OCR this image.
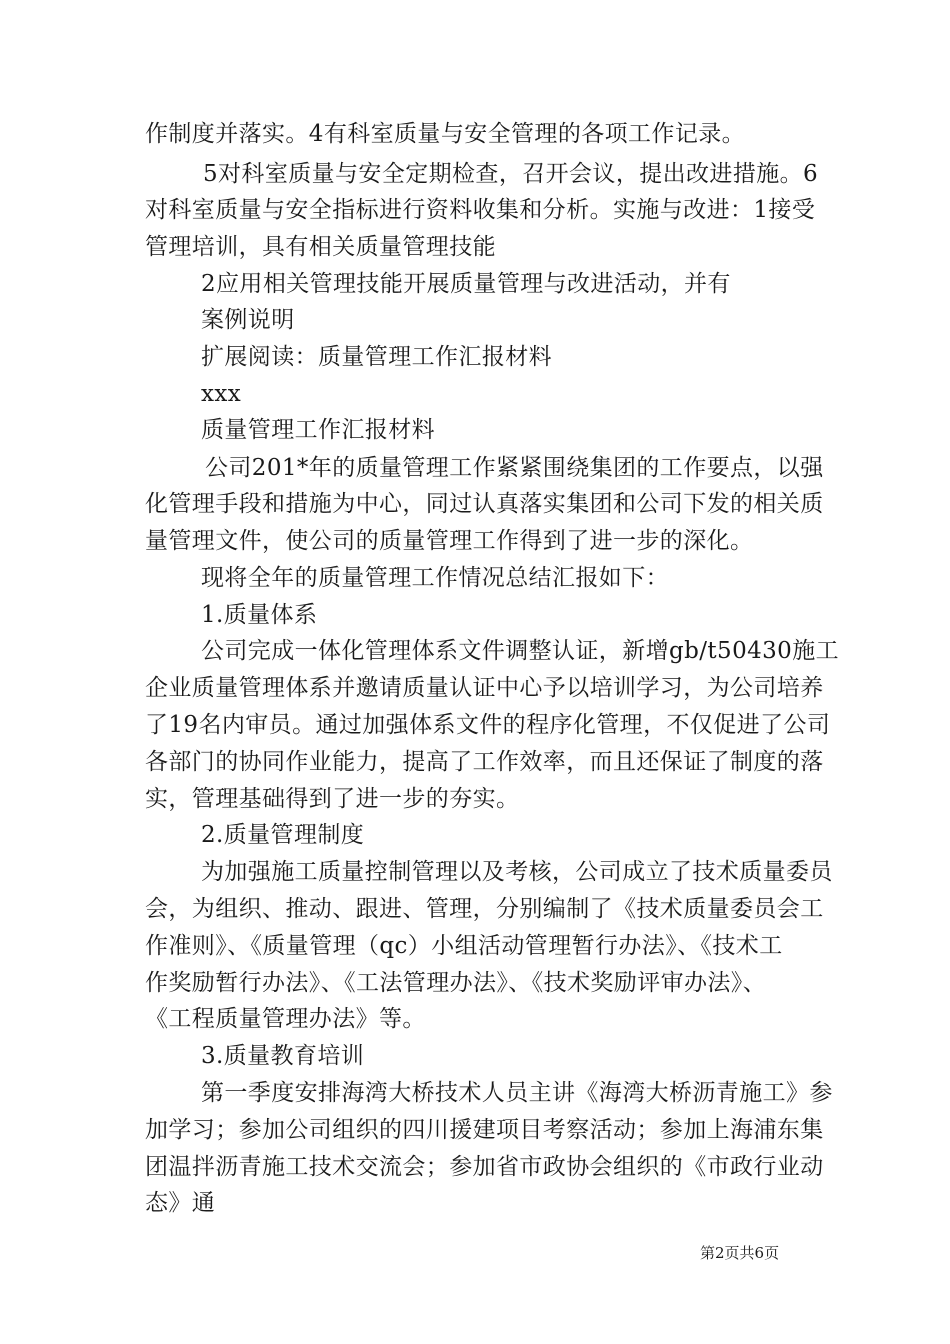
作制度并落实。4有科室质量与安全管理的各项工作记录。
5对科室质量与安全定期检查，召开会议，提出改进措施。6
对科室质量与安全指标进行资料收集和分析。实施与改进：1接受
管理培训，具有相关质量管理技能
2应用相关管理技能开展质量管理与改进活动，并有
案例说明
扩展阅读：质量管理工作汇报材料
xxx
质量管理工作汇报材料
公司201*年的质量管理工作紧紧围绕集团的工作要点，以强
化管理手段和措施为中心，同过认真落实集团和公司下发的相关质
量管理文件，使公司的质量管理工作得到了进一步的深化。
现将全年的质量管理工作情况总结汇报如下：
1.质量体系
公司完成一体化管理体系文件调整认证，新增gb/t50430施工
企业质量管理体系并邀请质量认证中心予以培训学习，为公司培养
了19名内审员。通过加强体系文件的程序化管理，不仅促进了公司
各部门的协同作业能力，提高了工作效率，而且还保证了制度的落
实，管理基础得到了进一步的夯实。
2.质量管理制度
为加强施工质量控制管理以及考核，公司成立了技术质量委员
会，为组织、推动、跟进、管理，分别编制了《技术质量委员会工
作准则》、《质量管理（qc）小组活动管理暂行办法》、《技术工
作奖励暂行办法》、《工法管理办法》、《技术奖励评审办法》、
《工程质量管理办法》等。
3.质量教育培训
第一季度安排海湾大桥技术人员主讲《海湾大桥沥青施工》参
加学习；参加公司组织的四川援建项目考察活动；参加上海浦东集
团温拌沥青施工技术交流会；参加省市政协会组织的《市政行业动
态》通
第2页共6页
